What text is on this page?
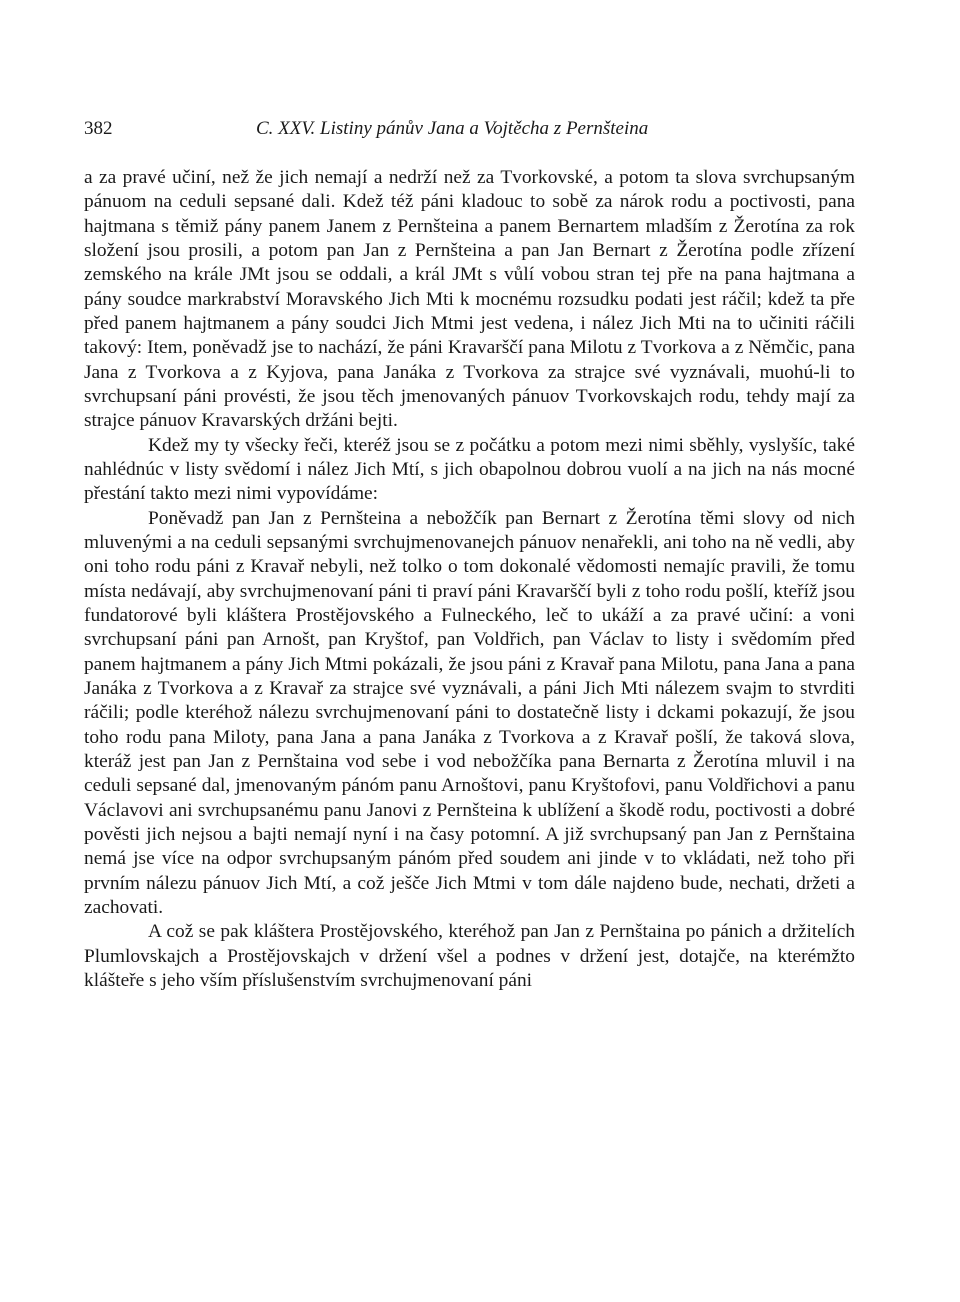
382	C. XXV. Listiny pánův Jana a Vojtěcha z Pernšteina

a za pravé učiní, než že jich nemají a nedrží než za Tvorkovské, a potom ta slova svrchupsaným pánuom na ceduli sepsané dali. Kdež též páni kladouc to sobě za nárok rodu a poctivosti, pana hajtmana s těmiž pány panem Janem z Pernšteina a panem Bernartem mladším z Žerotína za rok složení jsou prosili, a potom pan Jan z Pernšteina a pan Jan Bernart z Žerotína podle zřízení zemského na krále JMt jsou se oddali, a král JMt s vůlí vobou stran tej pře na pana hajtmana a pány soudce markrabství Moravského Jich Mti k mocnému rozsudku podati jest ráčil; kdež ta pře před panem hajtmanem a pány soudci Jich Mtmi jest vedena, i nález Jich Mti na to učiniti ráčili takový: Item, poněvadž jse to nachází, že páni Kravarščí pana Milotu z Tvorkova a z Němčic, pana Jana z Tvorkova a z Kyjova, pana Janáka z Tvorkova za strajce své vyznávali, muohú-li to svrchupsaní páni provésti, že jsou těch jmenovaných pánuov Tvorkovskajch rodu, tehdy mají za strajce pánuov Kravarských držáni bejti.

Kdež my ty všecky řeči, kteréž jsou se z počátku a potom mezi nimi sběhly, vyslyšíc, také nahlédnúc v listy svědomí i nález Jich Mtí, s jich obapolnou dobrou vuolí a na jich na nás mocné přestání takto mezi nimi vypovídáme:

Poněvadž pan Jan z Pernšteina a nebožčík pan Bernart z Žerotína těmi slovy od nich mluvenými a na ceduli sepsanými svrchujmenovanejch pánuov nenařekli, ani toho na ně vedli, aby oni toho rodu páni z Kravař nebyli, než tolko o tom dokonalé vědomosti nemajíc pravili, že tomu místa nedávají, aby svrchujmenovaní páni ti praví páni Kravarščí byli z toho rodu pošlí, kteříž jsou fundatorové byli kláštera Prostějovského a Fulneckého, leč to ukáží a za pravé učiní: a voni svrchupsaní páni pan Arnošt, pan Kryštof, pan Voldřich, pan Václav to listy i svědomím před panem hajtmanem a pány Jich Mtmi pokázali, že jsou páni z Kravař pana Milotu, pana Jana a pana Janáka z Tvorkova a z Kravař za strajce své vyznávali, a páni Jich Mti nálezem svajm to stvrditi ráčili; podle kteréhož nálezu svrchujmenovaní páni to dostatečně listy i dckami pokazují, že jsou toho rodu pana Miloty, pana Jana a pana Janáka z Tvorkova a z Kravař pošlí, že taková slova, kteráž jest pan Jan z Pernštaina vod sebe i vod nebožčíka pana Bernarta z Žerotína mluvil i na ceduli sepsané dal, jmenovaným pánóm panu Arnoštovi, panu Kryštofovi, panu Voldřichovi a panu Václavovi ani svrchupsanému panu Janovi z Pernšteina k ublížení a škodě rodu, poctivosti a dobré pověsti jich nejsou a bajti nemají nyní i na časy potomní. A již svrchupsaný pan Jan z Pernštaina nemá jse více na odpor svrchupsaným pánóm před soudem ani jinde v to vkládati, než toho při prvním nálezu pánuov Jich Mtí, a což ješče Jich Mtmi v tom dále najdeno bude, nechati, držeti a zachovati.

A což se pak kláštera Prostějovského, kteréhož pan Jan z Pernštaina po pánich a držitelích Plumlovskajch a Prostějovskajch v držení všel a podnes v držení jest, dotajče, na kterémžto klášteře s jeho vším příslušenstvím svrchujmenovaní páni
